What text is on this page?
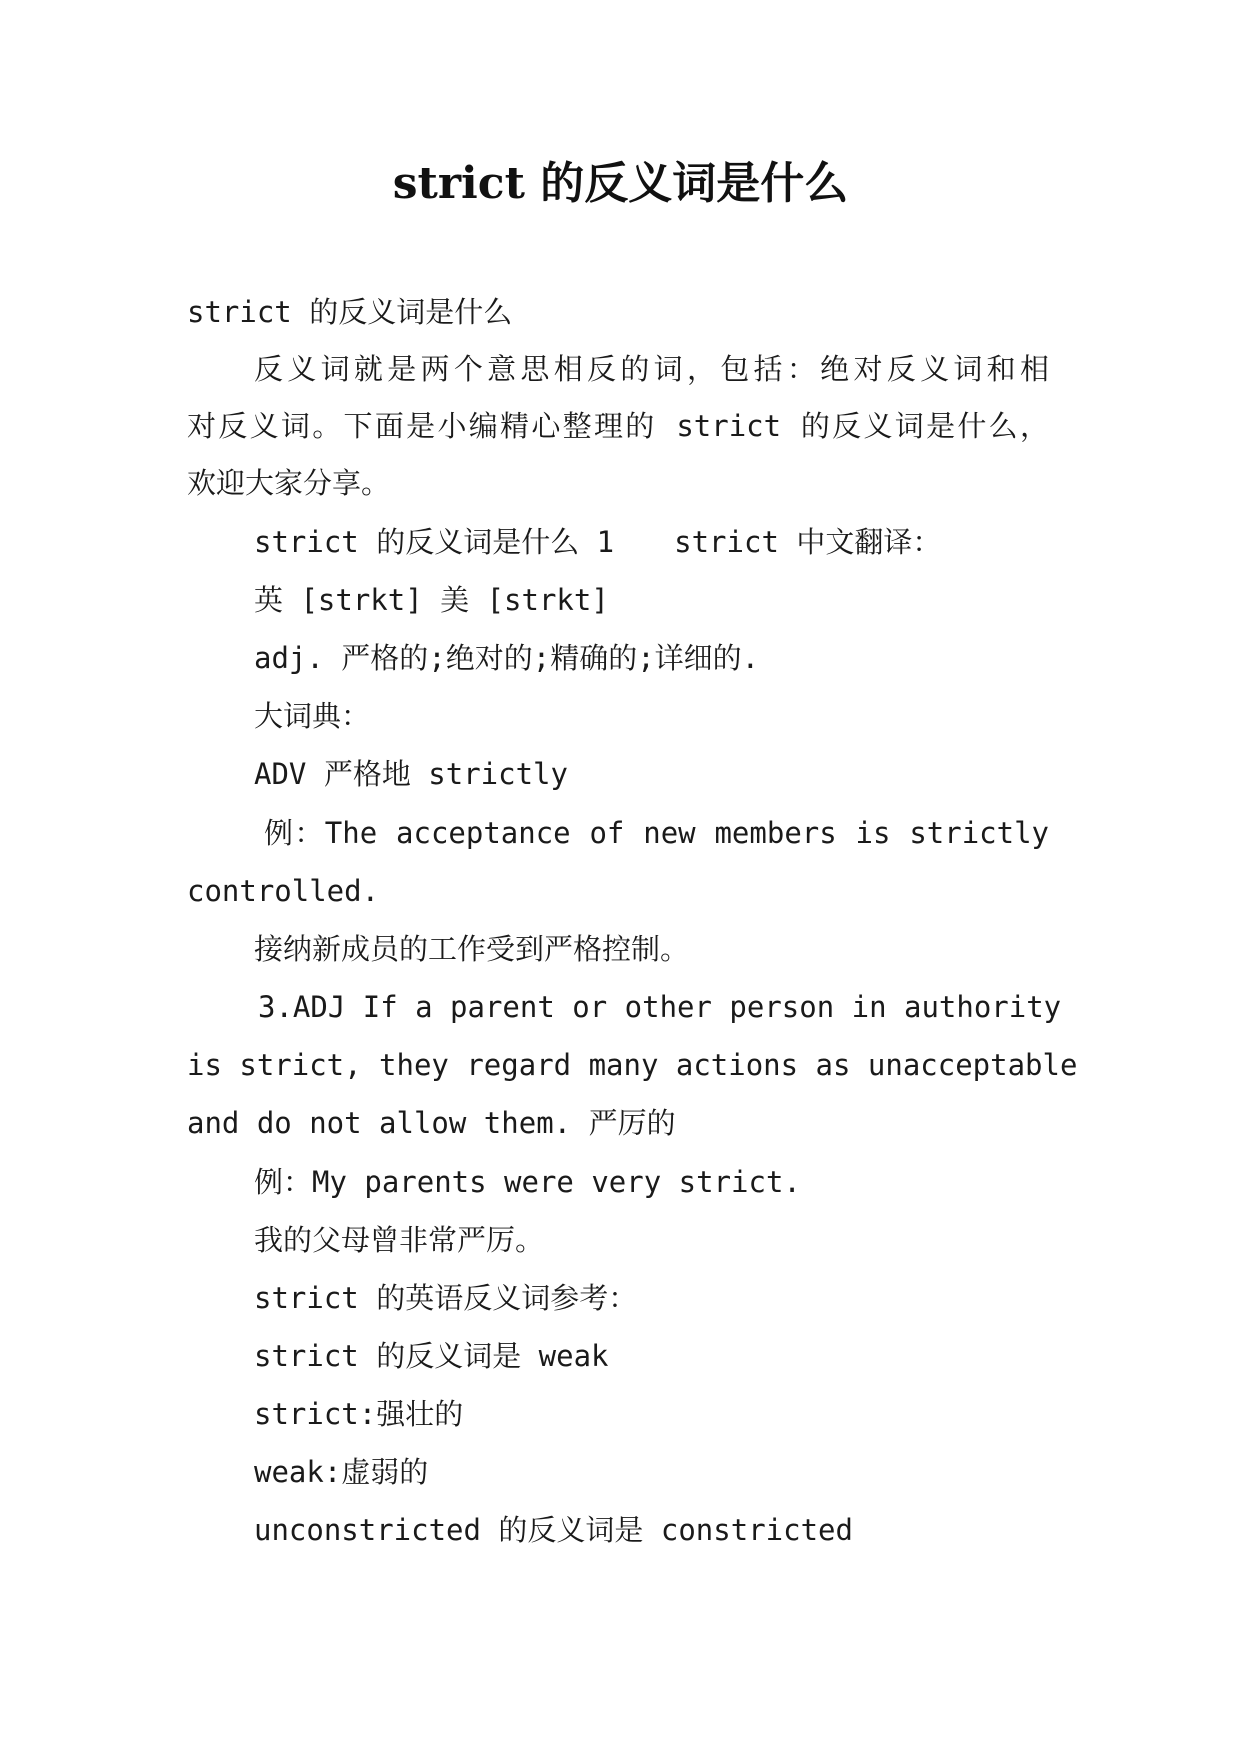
strict 的反义词是什么
strict 的反义词是什么
反义词就是两个意思相反的词，包括：绝对反义词和相
对反义词。下面是小编精心整理的 strict 的反义词是什么，
欢迎大家分享。
strict 的反义词是什么 1 strict 中文翻译：
英 [strkt] 美 [strkt]
adj. 严格的;绝对的;精确的;详细的.
大词典：
ADV 严格地 strictly
例：The acceptance of new members is strictly
controlled.
接纳新成员的工作受到严格控制。
3.ADJ If a parent or other person in authority
is strict, they regard many actions as unacceptable
and do not allow them. 严厉的
例：My parents were very strict.
我的父母曾非常严厉。
strict 的英语反义词参考：
strict 的反义词是 weak
strict:强壮的
weak:虚弱的
unconstricted 的反义词是 constricted
